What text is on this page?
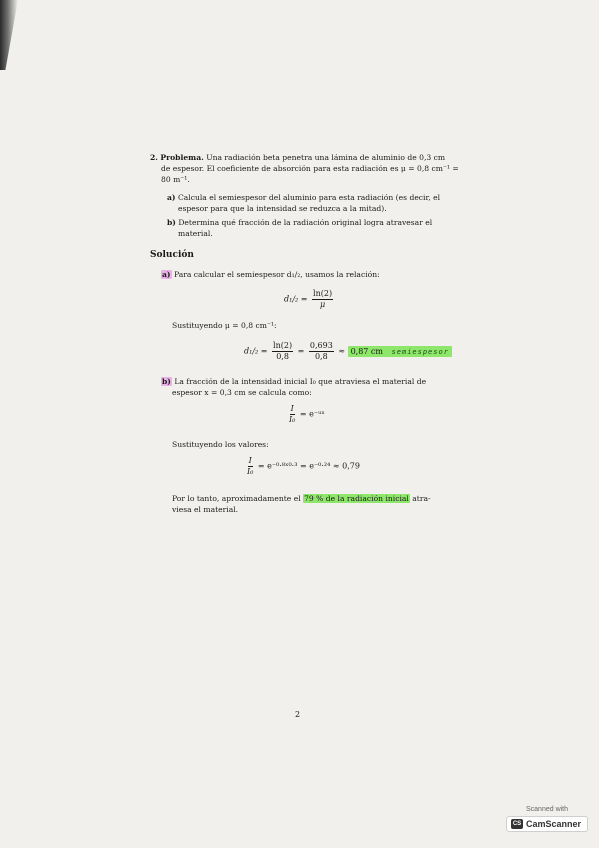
2. Problema. Una radiación beta penetra una lámina de aluminio de 0,3 cm
de espesor. El coeficiente de absorción para esta radiación es μ = 0,8 cm⁻¹ =
80 m⁻¹.
a) Calcula el semiespesor del aluminio para esta radiación (es decir, el
espesor para que la intensidad se reduzca a la mitad).
b) Determina qué fracción de la radiación original logra atravesar el
material.
Solución
a) Para calcular el semiespesor d₁/₂, usamos la relación:
$d_1/_2 = \frac{\ln(2)}{\mu}$
Sustituyendo μ = 0,8 cm⁻¹:
$d_1/_2 = \frac{\ln(2)}{0,8} = \frac{0,693}{0,8} \approx 0,87$ cm semiespesor
b) La fracción de la intensidad inicial I₀ que atraviesa el material de
espesor x = 0,3 cm se calcula como:
$\frac{I}{\text{I₀}}$ = e⁻ᵘˣ
Sustituyendo los valores:
$\frac{I}{\text{I₀}}$ = e⁻⁰·⁸ˣ⁰·³ = e⁻⁰·²⁴ ≈ 0,79
Por lo tanto, aproximadamente el 79 % de la radiación inicial atra-
viesa el material.
2
Scanned with
CS CamScanner
